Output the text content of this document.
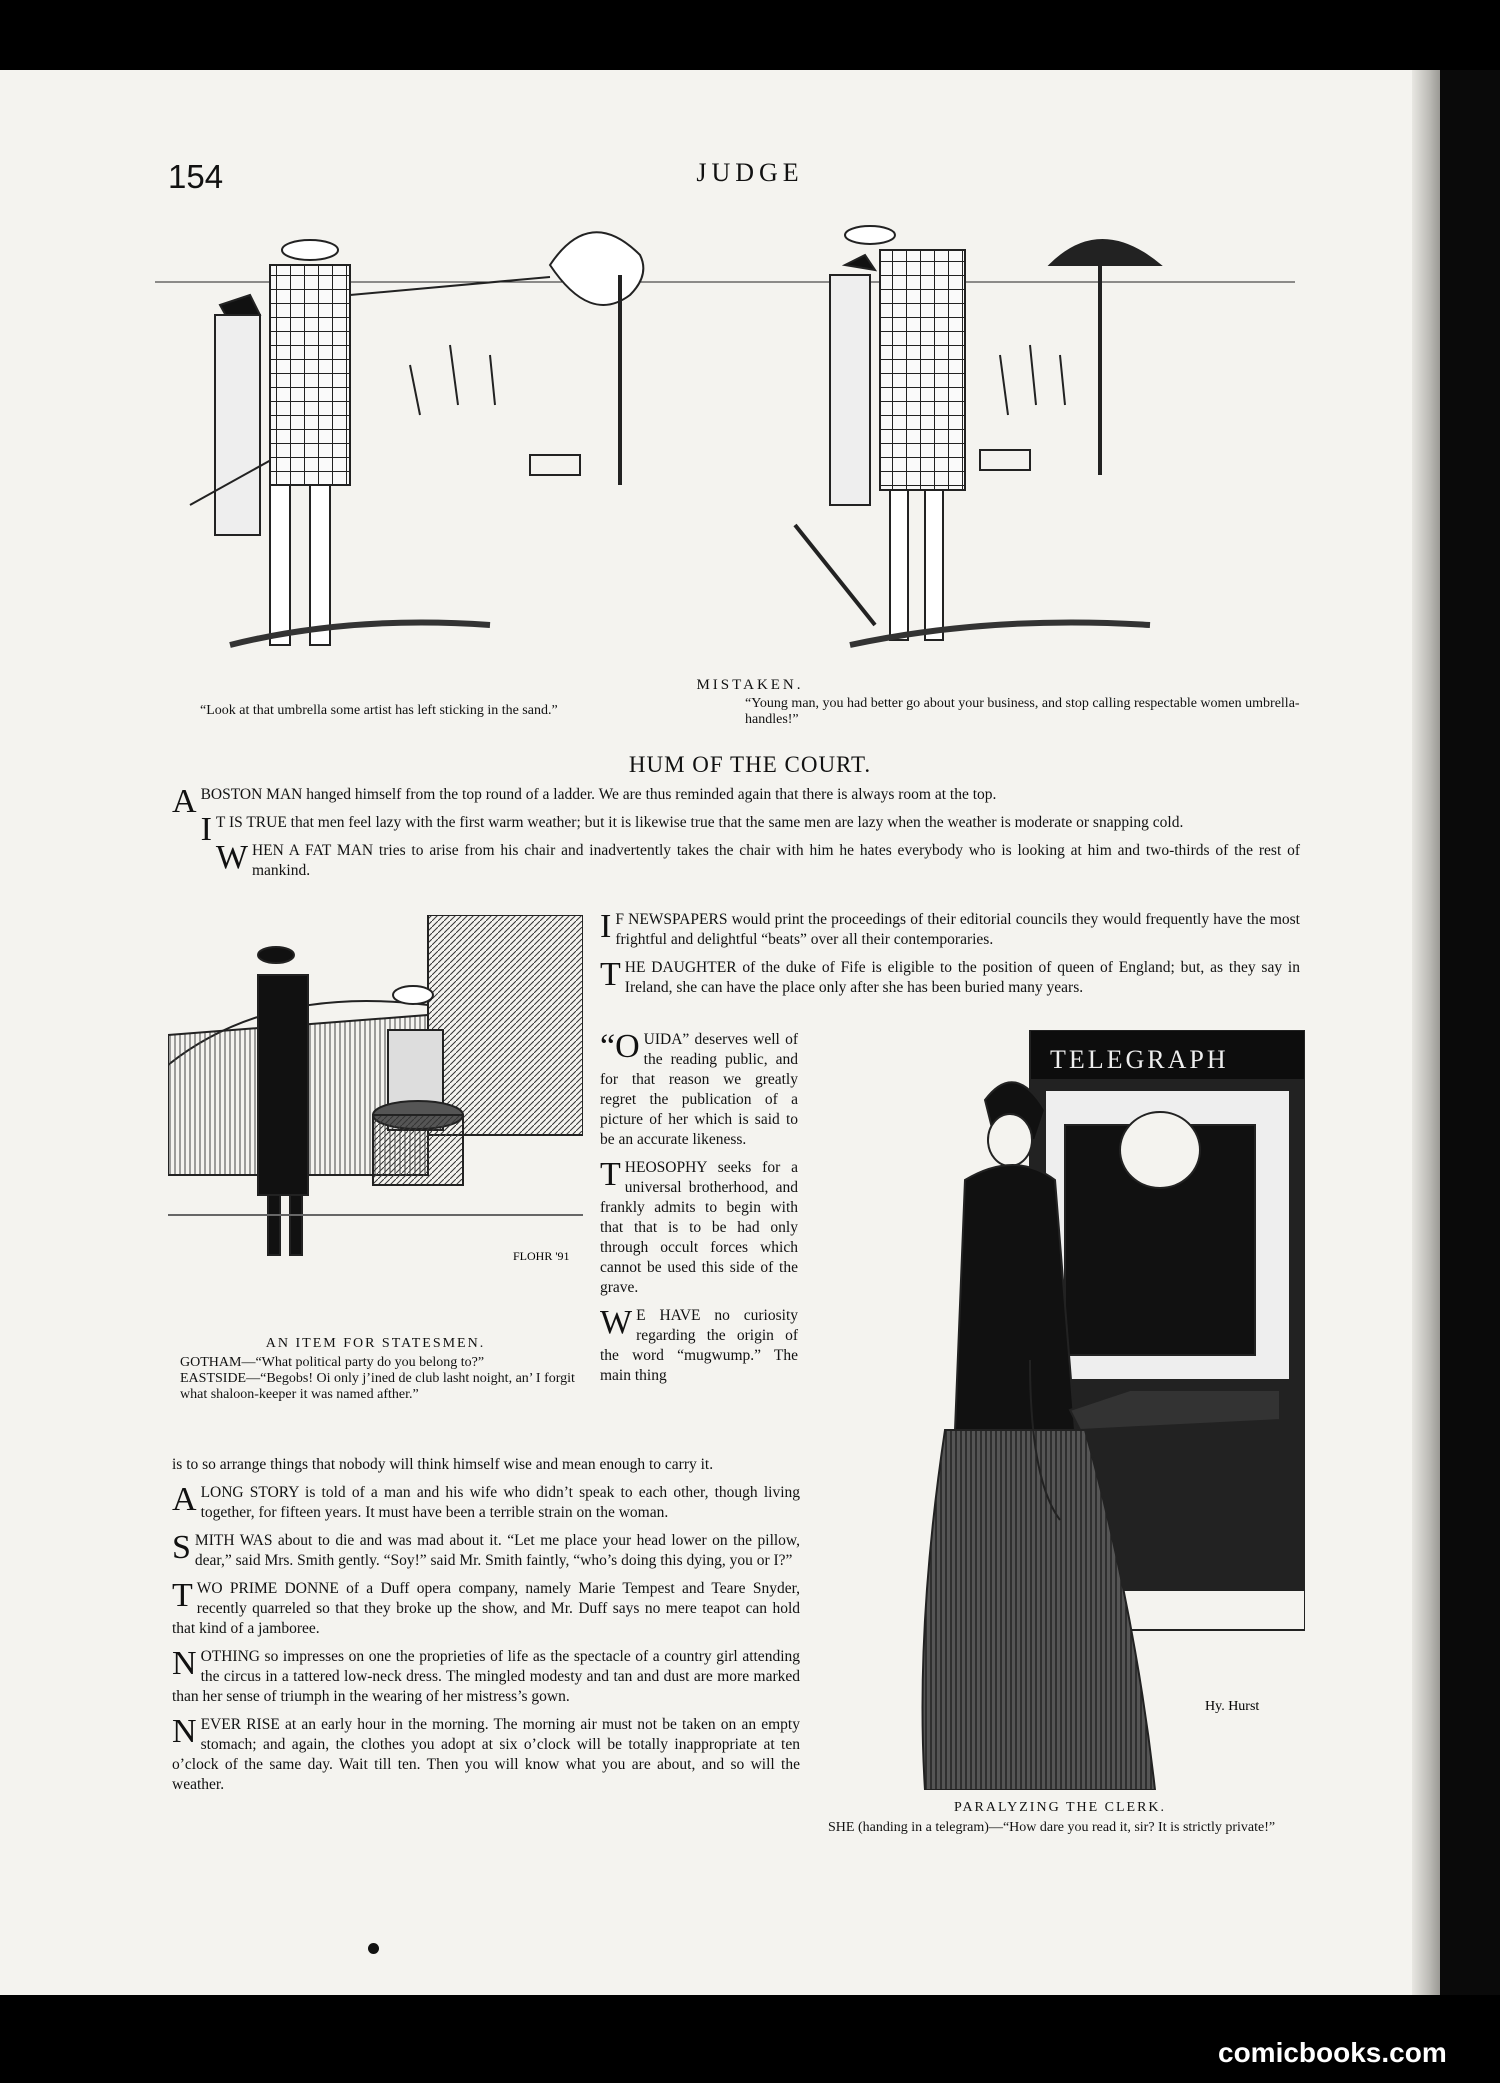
154	JUDGE
MISTAKEN.
“Look at that umbrella some artist has left sticking in the sand.”	“Young man, you had better go about your business, and stop calling respectable women umbrella-handles!”
HUM OF THE COURT.

ABOSTON MAN hanged himself from the top round of a ladder. We are thus reminded again that there is always room at the top.

I T IS TRUE that men feel lazy with the first warm weather; but it is likewise true that the same men are lazy when the weather is moderate or snapping cold.

WHEN A FAT MAN tries to arise from his chair and inadvertently takes the chair with him he hates everybody who is looking at him and two-thirds of the rest of mankind.

I F NEWSPAPERS would print the proceedings of their editorial councils they would frequently have the most frightful and delightful “beats” over all their contemporaries.

THE DAUGHTER of the duke of Fife is eligible to the position of queen of England; but, as they say in Ireland, she can have the place only after she has been buried many years.

FLOHR '91
AN ITEM FOR STATESMEN.
GOTHAM—“What political party do you belong to?”
EASTSIDE—“Begobs! Oi only j’ined de club lasht noight, an’ I forgit what shaloon-keeper it was named afther.”

“OUIDA” deserves well of the reading public, and for that reason we greatly regret the publication of a picture of her which is said to be an accurate likeness.

THEOSOPHY seeks for a universal brotherhood, and frankly admits to begin with that that is to be had only through occult forces which cannot be used this side of the grave.

W E HAVE no curiosity regarding the origin of the word “mugwump.” The main thing

is to so arrange things that nobody will think himself wise and mean enough to carry it.

A LONG STORY is told of a man and his wife who didn’t speak to each other, though living together, for fifteen years. It must have been a terrible strain on the woman.

SMITH WAS about to die and was mad about it. “Let me place your head lower on the pillow, dear,” said Mrs. Smith gently. “Soy!” said Mr. Smith faintly, “who’s doing this dying, you or I?”

TWO PRIME DONNE of a Duff opera company, namely Marie Tempest and Teare Snyder, recently quarreled so that they broke up the show, and Mr. Duff says no mere teapot can hold that kind of a jamboree.

NOTHING so impresses on one the proprieties of life as the spectacle of a country girl attending the circus in a tattered low-neck dress. The mingled modesty and tan and dust are more marked than her sense of triumph in the wearing of her mistress’s gown.

NEVER RISE at an early hour in the morning. The morning air must not be taken on an empty stomach; and again, the clothes you adopt at six o’clock will be totally inappropriate at ten o’clock of the same day. Wait till ten. Then you will know what you are about, and so will the weather.

TELEGRAPH
Hy. Hurst
PARALYZING THE CLERK.
SHE (handing in a telegram)—“How dare you read it, sir? It is strictly private!”
comicbooks.com
